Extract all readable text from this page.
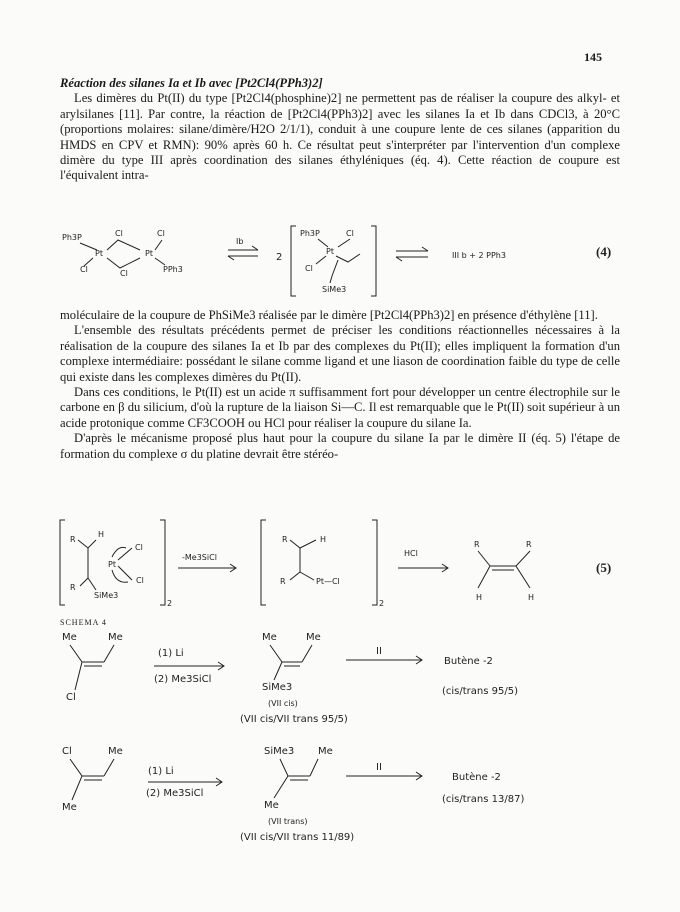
145

Réaction des silanes Ia et Ib avec [Pt2Cl4(PPh3)2]

Les dimères du Pt(II) du type [Pt2Cl4(phosphine)2] ne permettent pas de réaliser la coupure des alkyl- et arylsilanes [11]. Par contre, la réaction de [Pt2Cl4(PPh3)2] avec les silanes Ia et Ib dans CDCl3, à 20°C (proportions molaires: silane/dimère/H2O 2/1/1), conduit à une coupure lente de ces silanes (apparition du HMDS en CPV et RMN): 90% après 60 h. Ce résultat peut s'interpréter par l'intervention d'un complexe dimère du type III après coordination des silanes éthyléniques (éq. 4). Cette réaction de coupure est l'équivalent intra-

moléculaire de la coupure de PhSiMe3 réalisée par le dimère [Pt2Cl4(PPh3)2] en présence d'éthylène [11].

L'ensemble des résultats précédents permet de préciser les conditions réactionnelles nécessaires à la réalisation de la coupure des silanes Ia et Ib par des complexes du Pt(II); elles impliquent la formation d'un complexe intermédiaire: possédant le silane comme ligand et une liason de coordination faible du type de celle qui existe dans les complexes dimères du Pt(II).

Dans ces conditions, le Pt(II) est un acide π suffisamment fort pour développer un centre électrophile sur le carbone en β du silicium, d'où la rupture de la liaison Si—C. Il est remarquable que le Pt(II) soit supérieur à un acide protonique comme CF3COOH ou HCl pour réaliser la coupure du silane Ia.

D'après le mécanisme proposé plus haut pour la coupure du silane Ia par le dimère II (éq. 5) l'étape de formation du complexe σ du platine devrait être stéréo-

Ph3P	Cl	Cl
Pt	Pt
Cl	Cl	PPh3
Ib
2
Ph3P	Cl
Pt
Cl
SiMe3
III b + 2 PPh3	(4)
2
R
H
Cl
Pt
Cl
R
SiMe3
-Me3SiCl
2
R	H
R	Pt—Cl
HCl
R	R
H	H
(5)
SCHEMA 4
Me	Me
Cl
(1) Li
(2) Me3SiCl
Me	Me
SiMe3
(VII cis)
(VII cis/VII trans 95/5)
II
Butène -2
(cis/trans 95/5)
Cl	Me
Me
(1) Li
(2) Me3SiCl
SiMe3 Me
Me
(VII trans)
(VII cis/VII trans 11/89)
II
Butène -2
(cis/trans 13/87)
